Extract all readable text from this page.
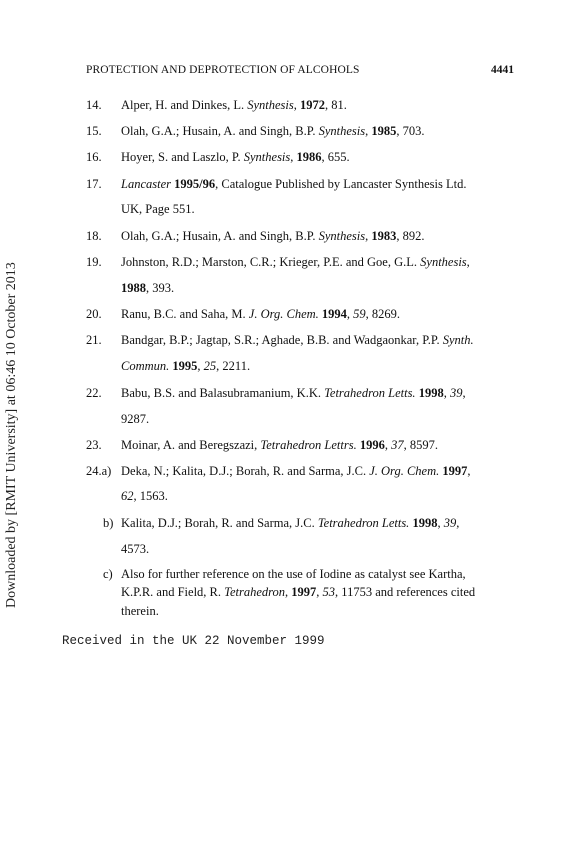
PROTECTION AND DEPROTECTION OF ALCOHOLS	4441
Downloaded by [RMIT University] at 06:46 10 October 2013
14. Alper, H. and Dinkes, L. Synthesis, 1972, 81.
15. Olah, G.A.; Husain, A. and Singh, B.P. Synthesis, 1985, 703.
16. Hoyer, S. and Laszlo, P. Synthesis, 1986, 655.
17. Lancaster 1995/96, Catalogue Published by Lancaster Synthesis Ltd.
UK, Page 551.
18. Olah, G.A.; Husain, A. and Singh, B.P. Synthesis, 1983, 892.
19. Johnston, R.D.; Marston, C.R.; Krieger, P.E. and Goe, G.L. Synthesis,
1988, 393.
20. Ranu, B.C. and Saha, M. J. Org. Chem. 1994, 59, 8269.
21. Bandgar, B.P.; Jagtap, S.R.; Aghade, B.B. and Wadgaonkar, P.P. Synth.
Commun. 1995, 25, 2211.
22. Babu, B.S. and Balasubramanium, K.K. Tetrahedron Letts. 1998, 39,
9287.
23. Moinar, A. and Beregszazi, Tetrahedron Lettrs. 1996, 37, 8597.
24.a) Deka, N.; Kalita, D.J.; Borah, R. and Sarma, J.C. J. Org. Chem. 1997,
62, 1563.
b) Kalita, D.J.; Borah, R. and Sarma, J.C. Tetrahedron Letts. 1998, 39,
4573.
c) Also for further reference on the use of Iodine as catalyst see Kartha,
K.P.R. and Field, R. Tetrahedron, 1997, 53, 11753 and references cited
therein.
Received in the UK 22 November 1999
